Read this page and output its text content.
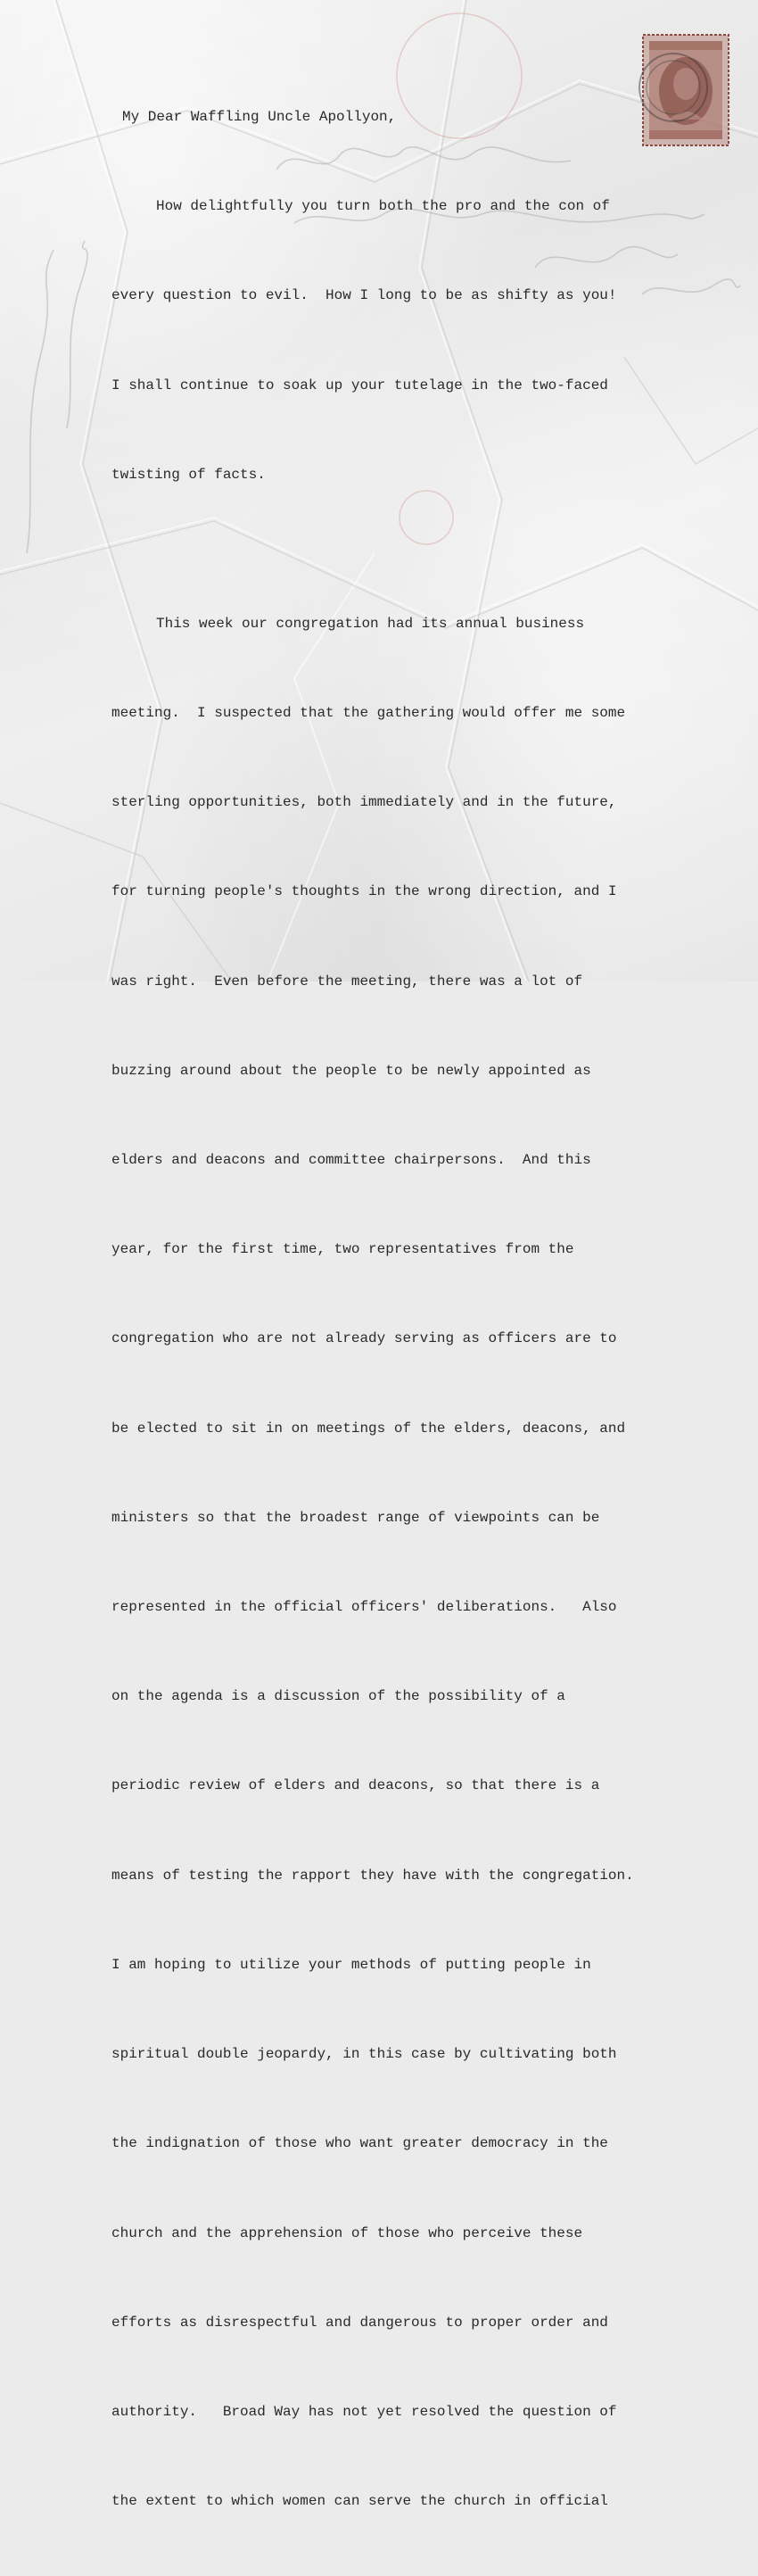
My Dear Waffling Uncle Apollyon,

How delightfully you turn both the pro and the con of

every question to evil.  How I long to be as shifty as you!

I shall continue to soak up your tutelage in the two-faced

twisting of facts.

This week our congregation had its annual business

meeting.  I suspected that the gathering would offer me some

sterling opportunities, both immediately and in the future,

for turning people's thoughts in the wrong direction, and I

was right.  Even before the meeting, there was a lot of

buzzing around about the people to be newly appointed as

elders and deacons and committee chairpersons.  And this

year, for the first time, two representatives from the

congregation who are not already serving as officers are to

be elected to sit in on meetings of the elders, deacons, and

ministers so that the broadest range of viewpoints can be

represented in the official officers' deliberations.   Also

on the agenda is a discussion of the possibility of a

periodic review of elders and deacons, so that there is a

means of testing the rapport they have with the congregation.

I am hoping to utilize your methods of putting people in

spiritual double jeopardy, in this case by cultivating both

the indignation of those who want greater democracy in the

church and the apprehension of those who perceive these

efforts as disrespectful and dangerous to proper order and

authority.   Broad Way has not yet resolved the question of

the extent to which women can serve the church in official
